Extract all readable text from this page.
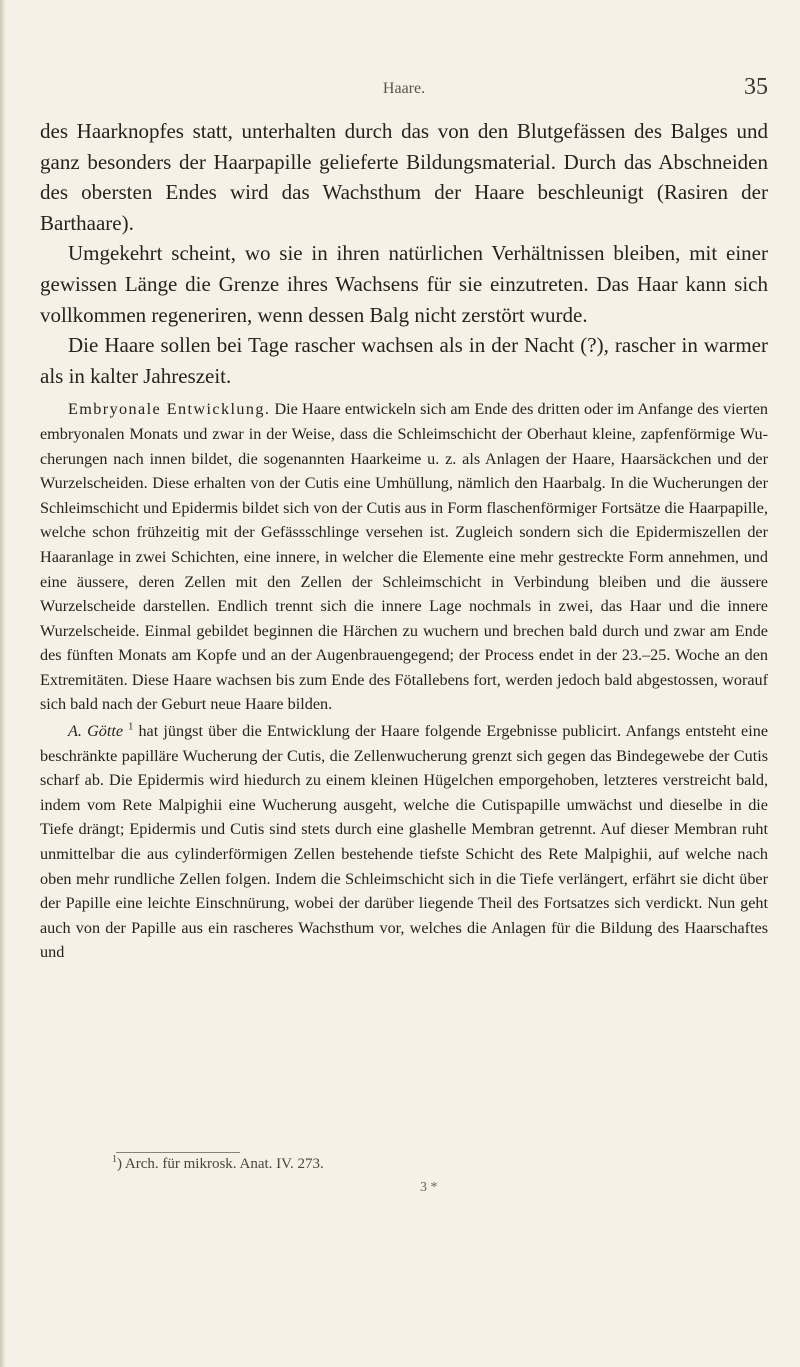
Haare.	35

des Haarknopfes statt, unterhalten durch das von den Blutgefässen des Balges und ganz besonders der Haarpapille gelieferte Bildungsmaterial. Durch das Abschneiden des obersten Endes wird das Wachsthum der Haare beschleunigt (Rasiren der Barthaare).

Umgekehrt scheint, wo sie in ihren natürlichen Verhältnissen bleiben, mit einer gewissen Länge die Grenze ihres Wachsens für sie einzutreten. Das Haar kann sich vollkommen regeneriren, wenn dessen Balg nicht zerstört wurde.

Die Haare sollen bei Tage rascher wachsen als in der Nacht (?), rascher in warmer als in kalter Jahreszeit.

Embryonale Entwicklung. Die Haare entwickeln sich am Ende des dritten oder im Anfange des vierten embryonalen Monats und zwar in der Weise, dass die Schleimschicht der Oberhaut kleine, zapfenförmige Wucherungen nach innen bildet, die sogenannten Haarkeime u. z. als Anlagen der Haare, Haarsäckchen und der Wurzelscheiden. Diese erhalten von der Cutis eine Umhüllung, nämlich den Haarbalg. In die Wucherungen der Schleimschicht und Epidermis bildet sich von der Cutis aus in Form flaschenförmiger Fortsätze die Haarpapille, welche schon frühzeitig mit der Gefässschlinge versehen ist. Zugleich sondern sich die Epidermiszellen der Haaranlage in zwei Schichten, eine innere, in welcher die Elemente eine mehr gestreckte Form annehmen, und eine äussere, deren Zellen mit den Zellen der Schleimschicht in Verbindung bleiben und die äussere Wurzelscheide darstellen. Endlich trennt sich die innere Lage nochmals in zwei, das Haar und die innere Wurzelscheide. Einmal gebildet beginnen die Härchen zu wuchern und brechen bald durch und zwar am Ende des fünften Monats am Kopfe und an der Augenbrauengegend; der Process endet in der 23.–25. Woche an den Extremitäten. Diese Haare wachsen bis zum Ende des Fötallebens fort, werden jedoch bald abgestossen, worauf sich bald nach der Geburt neue Haare bilden.

A. Götte $^1$ hat jüngst über die Entwicklung der Haare folgende Ergebnisse publicirt. Anfangs entsteht eine beschränkte papilläre Wucherung der Cutis, die Zellenwucherung grenzt sich gegen das Bindegewebe der Cutis scharf ab. Die Epidermis wird hiedurch zu einem kleinen Hügelchen emporgehoben, letzteres verstreicht bald, indem vom Rete Malpighii eine Wucherung ausgeht, welche die Cutispapille umwächst und dieselbe in die Tiefe drängt; Epidermis und Cutis sind stets durch eine glashelle Membran getrennt. Auf dieser Membran ruht unmittelbar die aus cylinderförmigen Zellen bestehende tiefste Schicht des Rete Malpighii, auf welche nach oben mehr rundliche Zellen folgen. Indem die Schleimschicht sich in die Tiefe verlängert, erfährt sie dicht über der Papille eine leichte Einschnürung, wobei der darüber liegende Theil des Fortsatzes sich verdickt. Nun geht auch von der Papille aus ein rascheres Wachsthum vor, welches die Anlagen für die Bildung des Haarschaftes und

$^1$) Arch. für mikrosk. Anat. IV. 273.
3 *
